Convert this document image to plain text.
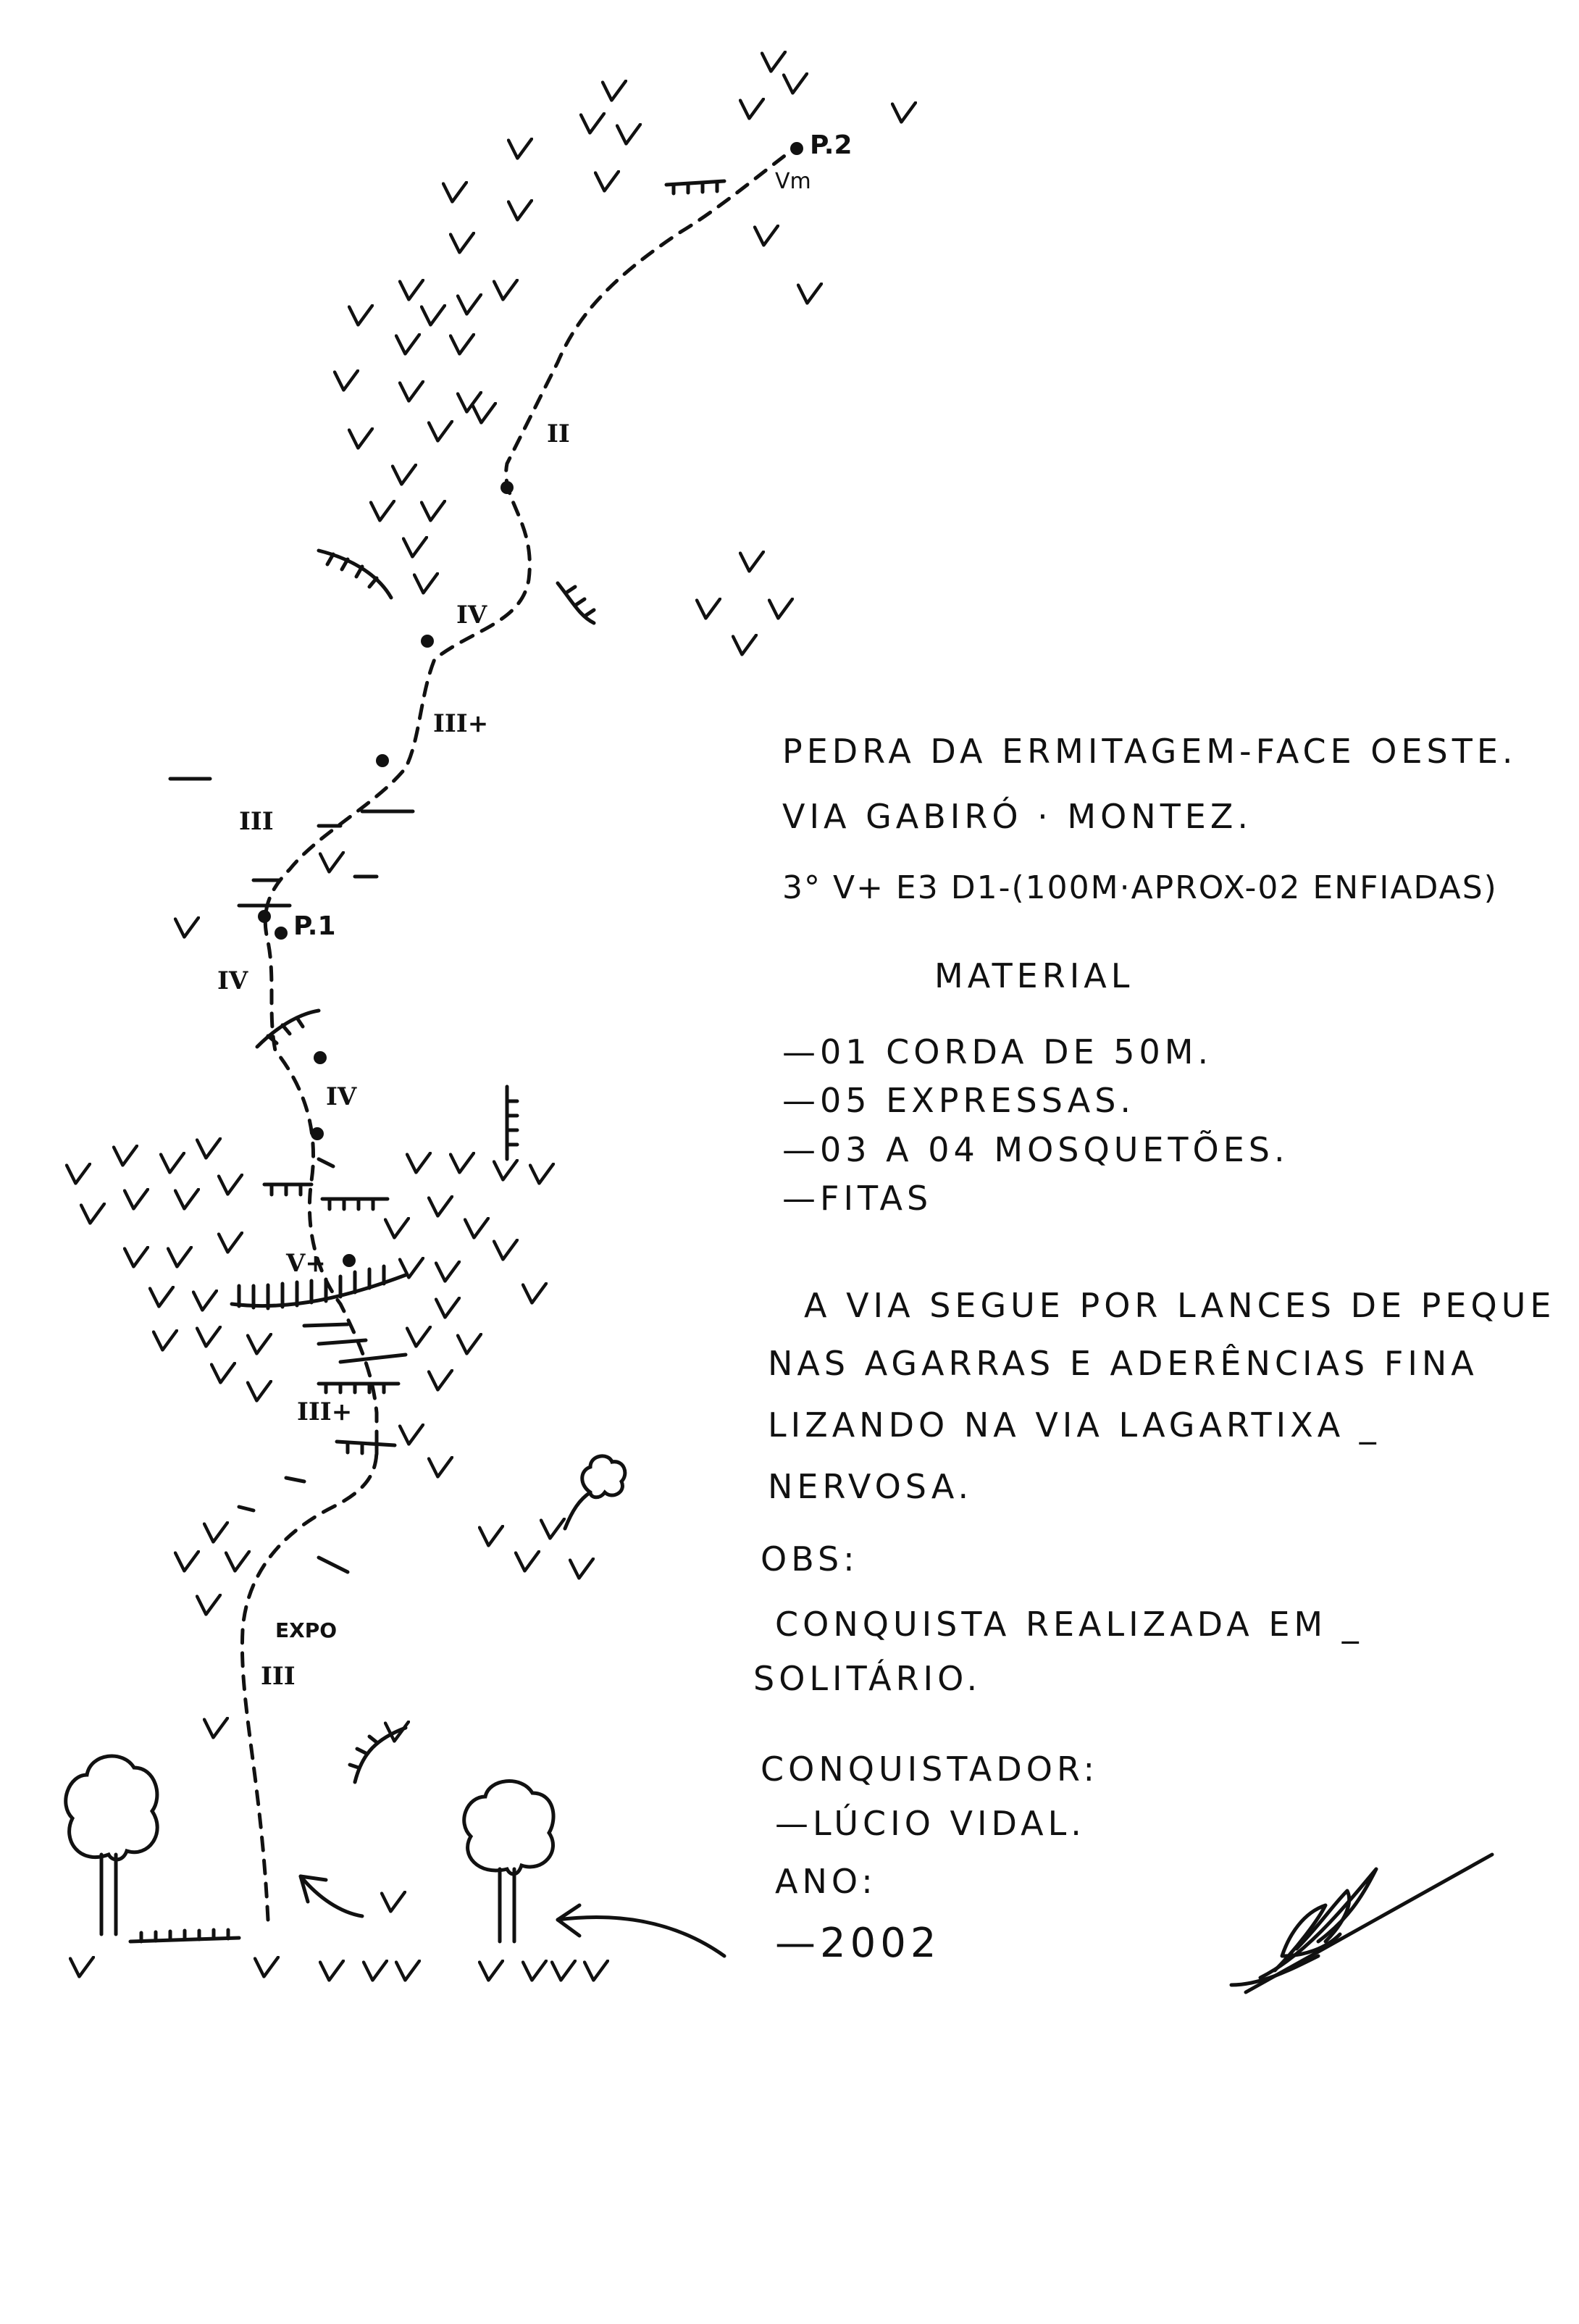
P.2
Vm
II
IV
III+
III
P.1
IV
IV
V+
III+
EXPO
III
PEDRA DA ERMITAGEM-FACE OESTE.
VIA GABIRÓ · MONTEZ.
3° V+ E3 D1-(100M·APROX-02 ENFIADAS)
MATERIAL
—01 CORDA DE 50M.
—05 EXPRESSAS.
—03 A 04 MOSQUETÕES.
—FITAS
A VIA SEGUE POR LANCES DE PEQUE
NAS AGARRAS E ADERÊNCIAS FINA
LIZANDO NA VIA LAGARTIXA _
NERVOSA.
OBS:
CONQUISTA REALIZADA EM _
SOLITÁRIO.
CONQUISTADOR:
—LÚCIO VIDAL.
ANO:
—2002
